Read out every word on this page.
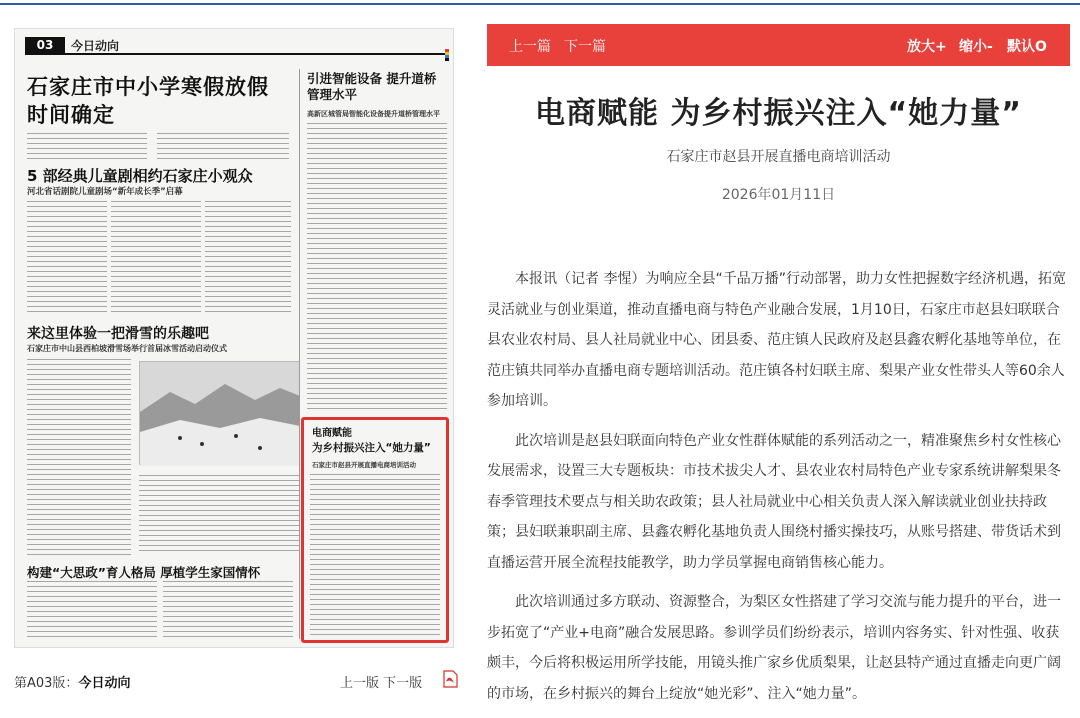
03	今日动向
石家庄市中小学寒假放假时间确定
5 部经典儿童剧相约石家庄小观众
河北省话剧院儿童剧场“新年成长季”启幕
来这里体验一把滑雪的乐趣吧
石家庄市中山县西柏坡滑雪场举行首届冰雪活动启动仪式
构建“大思政”育人格局 厚植学生家国情怀
引进智能设备 提升道桥管理水平
高新区城管局智能化设备提升道桥管理水平
电商赋能
为乡村振兴注入“她力量”
石家庄市赵县开展直播电商培训活动
第A03版：今日动向	上一版 下一版
上一篇 下一篇	放大+ 缩小- 默认O
电商赋能 为乡村振兴注入“她力量”
石家庄市赵县开展直播电商培训活动
2026年01月11日

本报讯（记者 李惺）为响应全县“千品万播”行动部署，助力女性把握数字经济机遇，拓宽灵活就业与创业渠道，推动直播电商与特色产业融合发展，1月10日，石家庄市赵县妇联联合县农业农村局、县人社局就业中心、团县委、范庄镇人民政府及赵县鑫农孵化基地等单位，在范庄镇共同举办直播电商专题培训活动。范庄镇各村妇联主席、梨果产业女性带头人等60余人参加培训。

此次培训是赵县妇联面向特色产业女性群体赋能的系列活动之一，精准聚焦乡村女性核心发展需求，设置三大专题板块：市技术拔尖人才、县农业农村局特色产业专家系统讲解梨果冬春季管理技术要点与相关助农政策；县人社局就业中心相关负责人深入解读就业创业扶持政策；县妇联兼职副主席、县鑫农孵化基地负责人围绕村播实操技巧，从账号搭建、带货话术到直播运营开展全流程技能教学，助力学员掌握电商销售核心能力。

此次培训通过多方联动、资源整合，为梨区女性搭建了学习交流与能力提升的平台，进一步拓宽了“产业+电商”融合发展思路。参训学员们纷纷表示，培训内容务实、针对性强、收获颇丰，今后将积极运用所学技能，用镜头推广家乡优质梨果，让赵县特产通过直播走向更广阔的市场，在乡村振兴的舞台上绽放“她光彩”、注入“她力量”。
